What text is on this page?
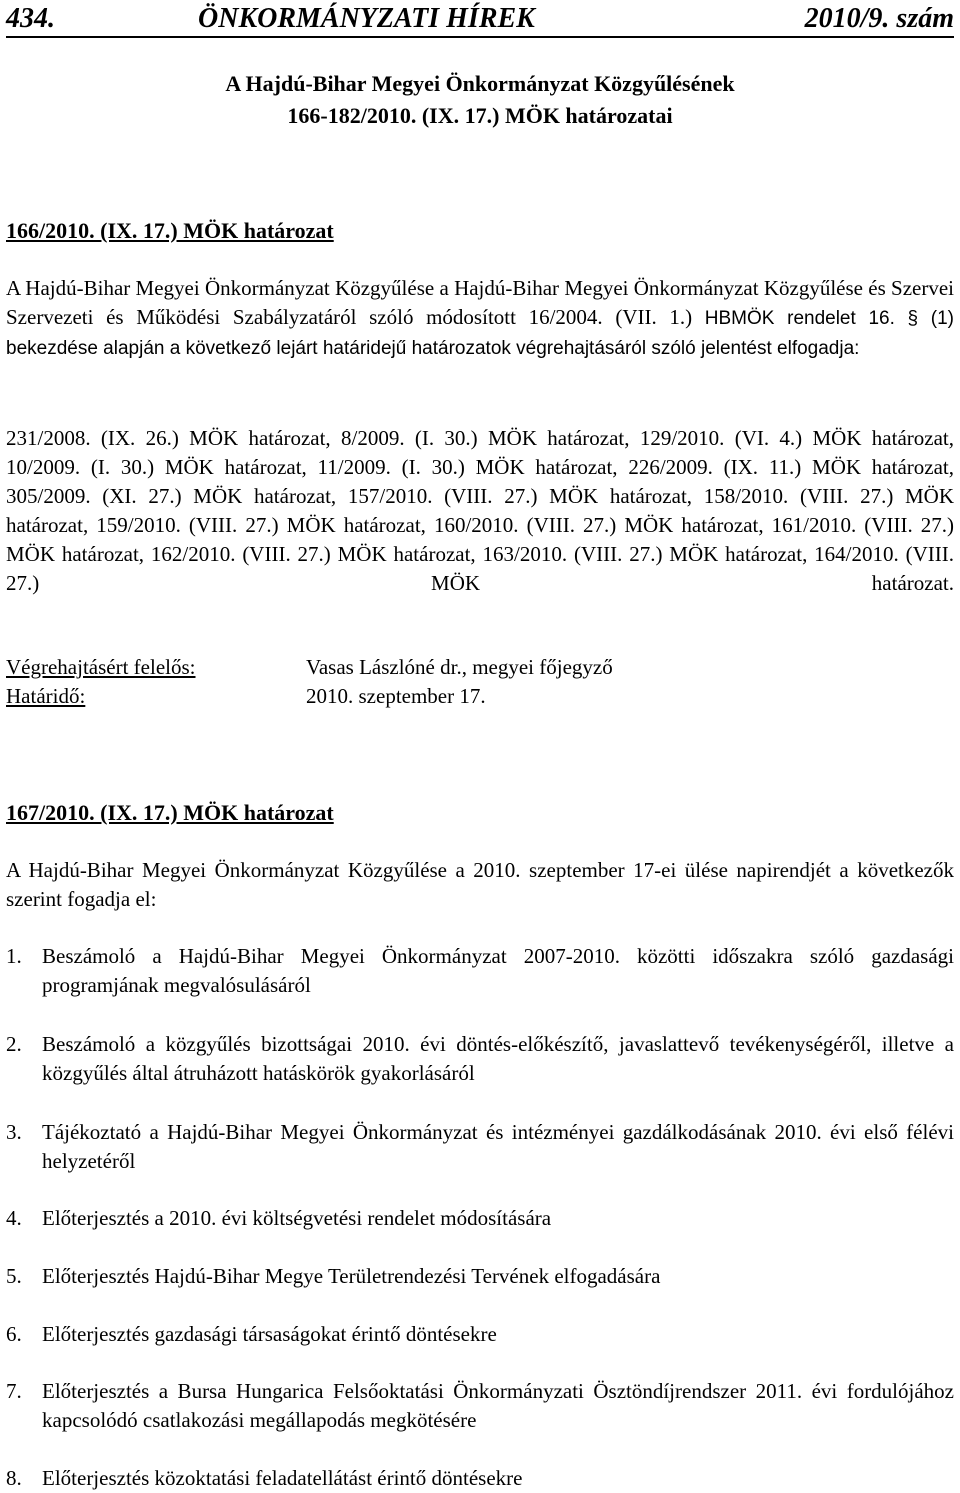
434.	ÖNKORMÁNYZATI HÍREK	2010/9. szám
A Hajdú-Bihar Megyei Önkormányzat Közgyűlésének
166-182/2010. (IX. 17.) MÖK határozatai
166/2010. (IX. 17.) MÖK határozat
A Hajdú-Bihar Megyei Önkormányzat Közgyűlése a Hajdú-Bihar Megyei Önkormányzat Közgyűlése és Szervei Szervezeti és Működési Szabályzatáról szóló módosított 16/2004. (VII. 1.) HBMÖK rendelet 16. § (1) bekezdése alapján a következő lejárt határidejű határozatok végrehajtásáról szóló jelentést elfogadja:
231/2008. (IX. 26.) MÖK határozat, 8/2009. (I. 30.) MÖK határozat, 129/2010. (VI. 4.) MÖK határozat, 10/2009. (I. 30.) MÖK határozat, 11/2009. (I. 30.) MÖK határozat, 226/2009. (IX. 11.) MÖK határozat, 305/2009. (XI. 27.) MÖK határozat, 157/2010. (VIII. 27.) MÖK határozat, 158/2010. (VIII. 27.) MÖK határozat, 159/2010. (VIII. 27.) MÖK határozat, 160/2010. (VIII. 27.) MÖK határozat, 161/2010. (VIII. 27.) MÖK határozat, 162/2010. (VIII. 27.) MÖK határozat, 163/2010. (VIII. 27.) MÖK határozat, 164/2010. (VIII. 27.) MÖK határozat.
Végrehajtásért felelős:	Vasas Lászlóné dr., megyei főjegyző
Határidő:	2010. szeptember 17.
167/2010. (IX. 17.) MÖK határozat
A Hajdú-Bihar Megyei Önkormányzat Közgyűlése a 2010. szeptember 17-ei ülése napirendjét a következők szerint fogadja el:
1. Beszámoló a Hajdú-Bihar Megyei Önkormányzat 2007-2010. közötti időszakra szóló gazdasági programjának megvalósulásáról
2. Beszámoló a közgyűlés bizottságai 2010. évi döntés-előkészítő, javaslattevő tevékenységéről, illetve a közgyűlés által átruházott hatáskörök gyakorlásáról
3. Tájékoztató a Hajdú-Bihar Megyei Önkormányzat és intézményei gazdálkodásának 2010. évi első félévi helyzetéről
4. Előterjesztés a 2010. évi költségvetési rendelet módosítására
5. Előterjesztés Hajdú-Bihar Megye Területrendezési Tervének elfogadására
6. Előterjesztés gazdasági társaságokat érintő döntésekre
7. Előterjesztés a Bursa Hungarica Felsőoktatási Önkormányzati Ösztöndíjrendszer 2011. évi fordulójához kapcsolódó csatlakozási megállapodás megkötésére
8. Előterjesztés közoktatási feladatellátást érintő döntésekre
